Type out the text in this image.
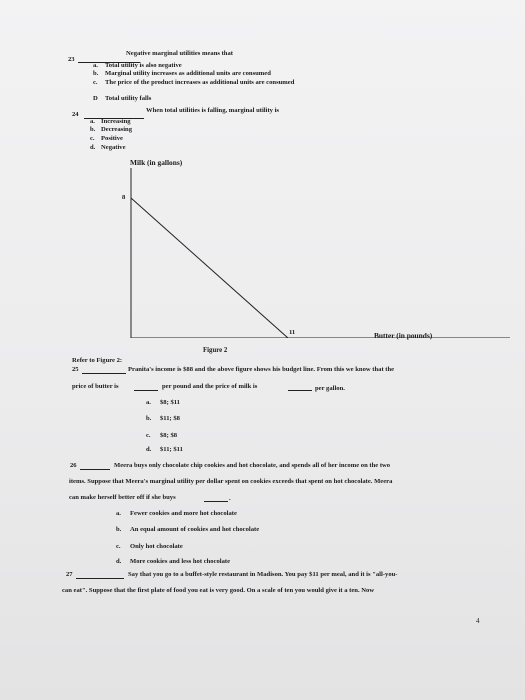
23
Negative marginal utilities means that
a. Total utility is also negative
b. Marginal utility increases as additional units are consumed
c. The price of the product increases as additional units are consumed
D Total utility falls
24
When total utilities is falling, marginal utility is
a. Increasing
b. Decreasing
c. Positive
d. Negative
Milk (in gallons)
8
11	Butter (in pounds)
Figure 2
Refer to Figure 2:
25	Pranita's income is $88 and the above figure shows his budget line. From this we know that the
price of butter is	per pound and the price of milk is	per gallon.
a. $8; $11
b. $11; $8
c. $8; $8
d. $11; $11
26	Meera buys only chocolate chip cookies and hot chocolate, and spends all of her income on the two
items. Suppose that Meera's marginal utility per dollar spent on cookies exceeds that spent on hot chocolate. Meera
can make herself better off if she buys	.
a. Fewer cookies and more hot chocolate
b. An equal amount of cookies and hot chocolate
c. Only hot chocolate
d. More cookies and less hot chocolate
27	Say that you go to a buffet-style restaurant in Madison. You pay $11 per meal, and it is "all-you-
can eat". Suppose that the first plate of food you eat is very good. On a scale of ten you would give it a ten. Now
4
